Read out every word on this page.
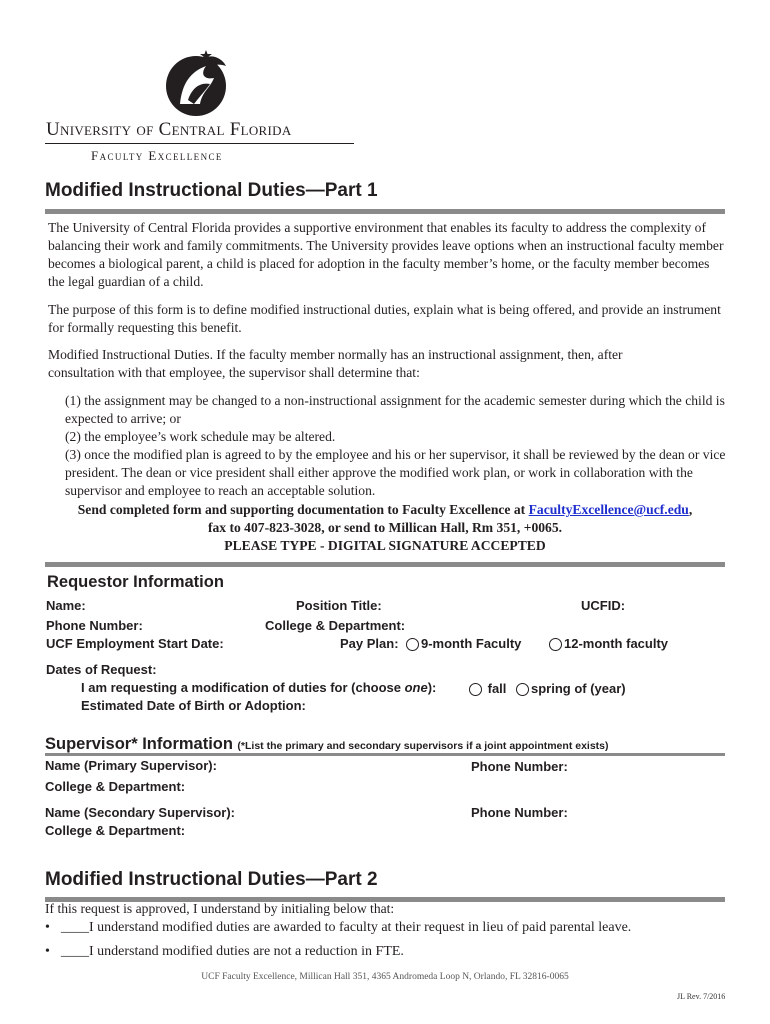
University of Central Florida
Faculty Excellence
Modified Instructional Duties—Part 1
The University of Central Florida provides a supportive environment that enables its faculty to address the complexity of balancing their work and family commitments. The University provides leave options when an instructional faculty member becomes a biological parent, a child is placed for adoption in the faculty member’s home, or the faculty member becomes the legal guardian of a child.
The purpose of this form is to define modified instructional duties, explain what is being offered, and provide an instrument for formally requesting this benefit.
Modified Instructional Duties. If the faculty member normally has an instructional assignment, then, after consultation with that employee, the supervisor shall determine that:
(1) the assignment may be changed to a non-instructional assignment for the academic semester during which the child is expected to arrive; or
(2) the employee’s work schedule may be altered.
(3) once the modified plan is agreed to by the employee and his or her supervisor, it shall be reviewed by the dean or vice president. The dean or vice president shall either approve the modified work plan, or work in collaboration with the supervisor and employee to reach an acceptable solution.
Send completed form and supporting documentation to Faculty Excellence at FacultyExcellence@ucf.edu,
fax to 407-823-3028, or send to Millican Hall, Rm 351, +0065.
PLEASE TYPE - DIGITAL SIGNATURE ACCEPTED
Requestor Information
Name:	Position Title:	UCFID:
Phone Number:	College & Department:
UCF Employment Start Date:	Pay Plan:	9-month Faculty	12-month faculty
Dates of Request:
I am requesting a modification of duties for (choose one):	fall	spring of (year)
Estimated Date of Birth or Adoption:
Supervisor* Information (*List the primary and secondary supervisors if a joint appointment exists)
Name (Primary Supervisor):	Phone Number:
College & Department:
Name (Secondary Supervisor):	Phone Number:
College & Department:
Modified Instructional Duties—Part 2
If this request is approved, I understand by initialing below that:
• ____I understand modified duties are awarded to faculty at their request in lieu of paid parental leave.
• ____I understand modified duties are not a reduction in FTE.
UCF Faculty Excellence, Millican Hall 351, 4365 Andromeda Loop N, Orlando, FL 32816-0065
JL Rev. 7/2016
